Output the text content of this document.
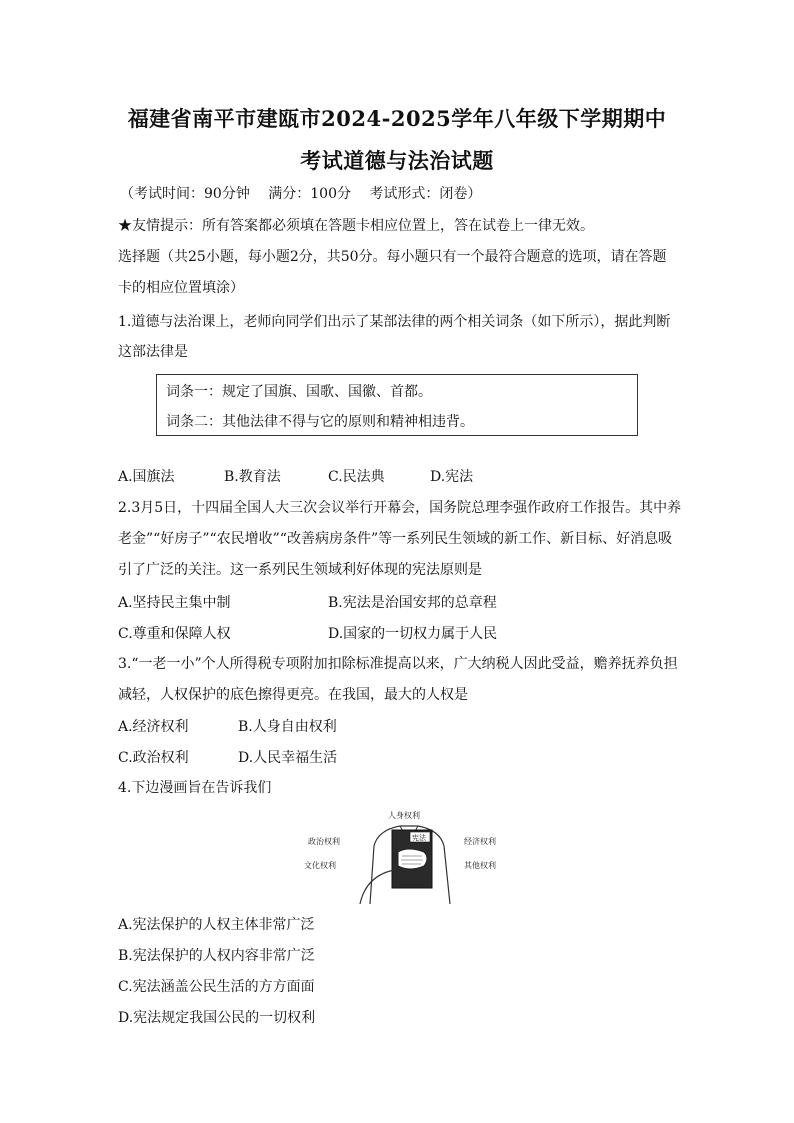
福建省南平市建瓯市2024-2025学年八年级下学期期中
考试道德与法治试题
（考试时间：90分钟　 满分：100分　 考试形式：闭卷）
★友情提示：所有答案都必须填在答题卡相应位置上，答在试卷上一律无效。
选择题（共25小题，每小题2分，共50分。每小题只有一个最符合题意的选项，请在答题
卡的相应位置填涂）
1.道德与法治课上，老师向同学们出示了某部法律的两个相关词条（如下所示），据此判断
这部法律是
词条一：规定了国旗、国歌、国徽、首都。
词条二：其他法律不得与它的原则和精神相违背。
A.国旗法	B.教育法	C.民法典	D.宪法
2.3月5日，十四届全国人大三次会议举行开幕会，国务院总理李强作政府工作报告。其中养
老金”“好房子”“农民增收”“改善病房条件”等一系列民生领域的新工作、新目标、好消息吸
引了广泛的关注。这一系列民生领域利好体现的宪法原则是
A.坚持民主集中制	B.宪法是治国安邦的总章程
C.尊重和保障人权	D.国家的一切权力属于人民
3.“一老一小”个人所得税专项附加扣除标准提高以来，广大纳税人因此受益，赡养抚养负担
减轻，人权保护的底色擦得更亮。在我国，最大的人权是
A.经济权利	B.人身自由权利
C.政治权利	D.人民幸福生活
4.下边漫画旨在告诉我们
宪法
人身权利
政治权利
文化权利
经济权利
其他权利
A.宪法保护的人权主体非常广泛
B.宪法保护的人权内容非常广泛
C.宪法涵盖公民生活的方方面面
D.宪法规定我国公民的一切权利
